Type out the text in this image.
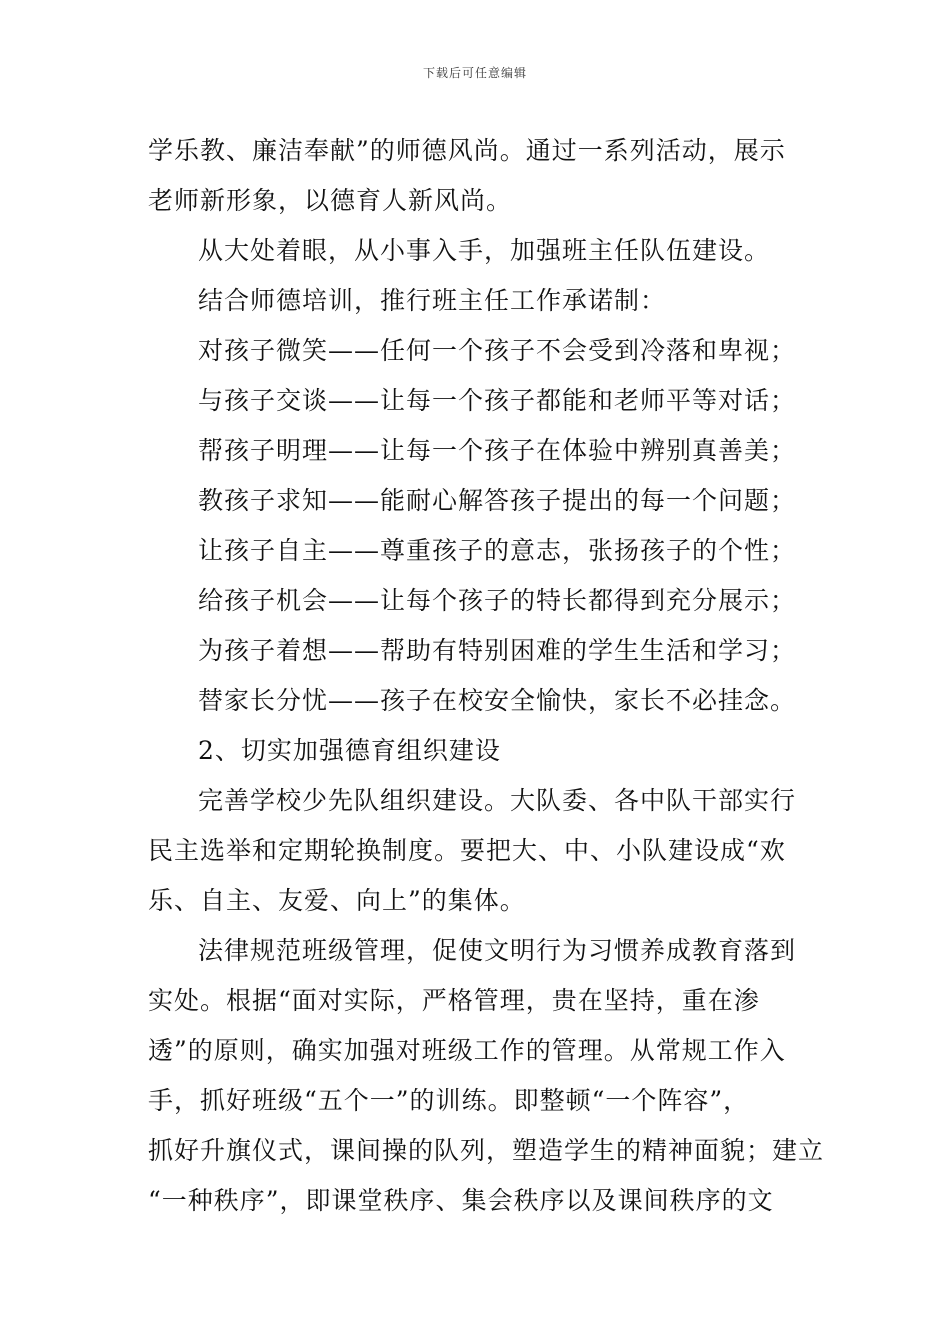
下载后可任意编辑
学乐教、廉洁奉献”的师德风尚。通过一系列活动，展示
老师新形象，以德育人新风尚。
从大处着眼，从小事入手，加强班主任队伍建设。
结合师德培训，推行班主任工作承诺制：
对孩子微笑——任何一个孩子不会受到冷落和卑视；
与孩子交谈——让每一个孩子都能和老师平等对话；
帮孩子明理——让每一个孩子在体验中辨别真善美；
教孩子求知——能耐心解答孩子提出的每一个问题；
让孩子自主——尊重孩子的意志，张扬孩子的个性；
给孩子机会——让每个孩子的特长都得到充分展示；
为孩子着想——帮助有特别困难的学生生活和学习；
替家长分忧——孩子在校安全愉快，家长不必挂念。
2、切实加强德育组织建设
完善学校少先队组织建设。大队委、各中队干部实行
民主选举和定期轮换制度。要把大、中、小队建设成“欢
乐、自主、友爱、向上”的集体。
法律规范班级管理，促使文明行为习惯养成教育落到
实处。根据“面对实际，严格管理，贵在坚持，重在渗
透”的原则，确实加强对班级工作的管理。从常规工作入
手，抓好班级“五个一”的训练。即整顿“一个阵容”，
抓好升旗仪式，课间操的队列，塑造学生的精神面貌；建立
“一种秩序”，即课堂秩序、集会秩序以及课间秩序的文
